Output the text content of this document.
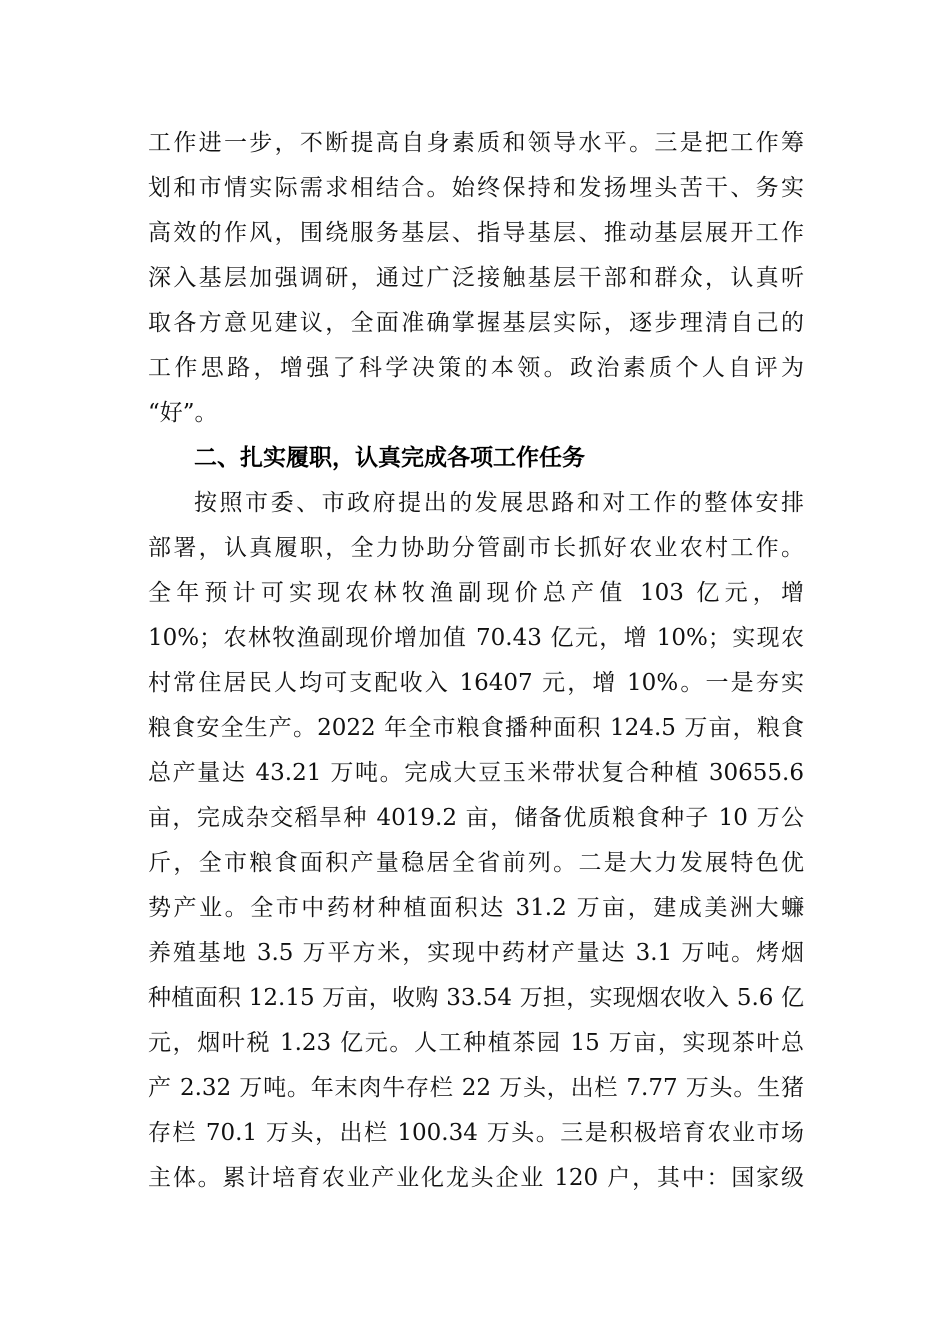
工作进一步，不断提高自身素质和领导水平。三是把工作筹
划和市情实际需求相结合。始终保持和发扬埋头苦干、务实
高效的作风，围绕服务基层、指导基层、推动基层展开工作
深入基层加强调研，通过广泛接触基层干部和群众，认真听
取各方意见建议，全面准确掌握基层实际，逐步理清自己的
工作思路，增强了科学决策的本领。政治素质个人自评为
“好”。
二、扎实履职，认真完成各项工作任务
按照市委、市政府提出的发展思路和对工作的整体安排
部署，认真履职，全力协助分管副市长抓好农业农村工作。
全年预计可实现农林牧渔副现价总产值 103 亿元，增
10%；农林牧渔副现价增加值 70.43 亿元，增 10%；实现农
村常住居民人均可支配收入 16407 元，增 10%。一是夯实
粮食安全生产。2022 年全市粮食播种面积 124.5 万亩，粮食
总产量达 43.21 万吨。完成大豆玉米带状复合种植 30655.6
亩，完成杂交稻旱种 4019.2 亩，储备优质粮食种子 10 万公
斤，全市粮食面积产量稳居全省前列。二是大力发展特色优
势产业。全市中药材种植面积达 31.2 万亩，建成美洲大蠊
养殖基地 3.5 万平方米，实现中药材产量达 3.1 万吨。烤烟
种植面积 12.15 万亩，收购 33.54 万担，实现烟农收入 5.6 亿
元，烟叶税 1.23 亿元。人工种植茶园 15 万亩，实现茶叶总
产 2.32 万吨。年末肉牛存栏 22 万头，出栏 7.77 万头。生猪
存栏 70.1 万头，出栏 100.34 万头。三是积极培育农业市场
主体。累计培育农业产业化龙头企业 120 户，其中：国家级
